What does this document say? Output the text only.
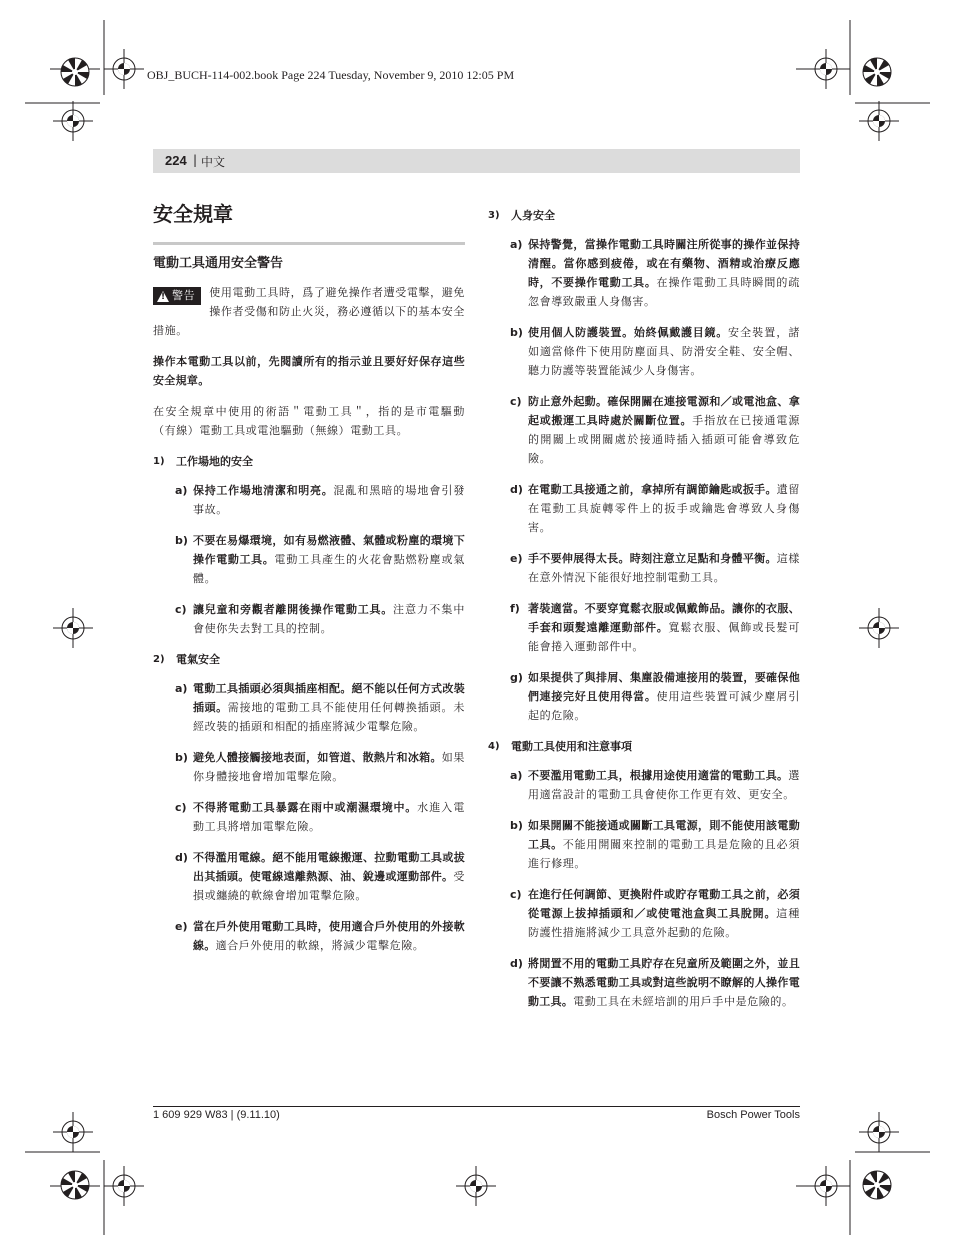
OBJ_BUCH-114-002.book Page 224 Tuesday, November 9, 2010 12:05 PM
224 | 中文
安全規章
電動工具通用安全警告

!
警告 使用電動工具時，爲了避免操作者遭受電擊，避免操作者受傷和防止火災，務必遵循以下的基本安全措施。

操作本電動工具以前，先閱讀所有的指示並且要好好保存這些安全規章。

在安全規章中使用的術語＂電動工具＂，指的是市電驅動（有線）電動工具或電池驅動（無線）電動工具。

1)	工作場地的安全
a) 保持工作場地清潔和明亮。混亂和黑暗的場地會引發事故。
b) 不要在易爆環境，如有易燃液體、氣體或粉塵的環境下操作電動工具。電動工具產生的火花會點燃粉塵或氣體。
c) 讓兒童和旁觀者離開後操作電動工具。注意力不集中會使你失去對工具的控制。
2)	電氣安全
a) 電動工具插頭必須與插座相配。絕不能以任何方式改裝插頭。需接地的電動工具不能使用任何轉換插頭。未經改裝的插頭和相配的插座將減少電擊危險。
b) 避免人體接觸接地表面，如管道、散熱片和冰箱。如果你身體接地會增加電擊危險。
c) 不得將電動工具暴露在雨中或潮濕環境中。水進入電動工具將增加電擊危險。
d) 不得濫用電線。絕不能用電線搬運、拉動電動工具或拔出其插頭。使電線遠離熱源、油、銳邊或運動部件。受損或纏繞的軟線會增加電擊危險。
e) 當在戶外使用電動工具時，使用適合戶外使用的外接軟線。適合戶外使用的軟線，將減少電擊危險。
3)	人身安全
a) 保持警覺，當操作電動工具時關注所從事的操作並保持清醒。當你感到疲倦，或在有藥物、酒精或治療反應時，不要操作電動工具。在操作電動工具時瞬間的疏忽會導致嚴重人身傷害。
b) 使用個人防護裝置。始終佩戴護目鏡。安全裝置，諸如適當條件下使用防塵面具、防滑安全鞋、安全帽、聽力防護等裝置能減少人身傷害。
c) 防止意外起動。確保開關在連接電源和／或電池盒、拿起或搬運工具時處於關斷位置。手指放在已接通電源的開關上或開關處於接通時插入插頭可能會導致危險。
d) 在電動工具接通之前，拿掉所有調節鑰匙或扳手。遺留在電動工具旋轉零件上的扳手或鑰匙會導致人身傷害。
e) 手不要伸展得太長。時刻注意立足點和身體平衡。這樣在意外情況下能很好地控制電動工具。
f) 著裝適當。不要穿寬鬆衣服或佩戴飾品。讓你的衣服、手套和頭髮遠離運動部件。寬鬆衣服、佩飾或長髮可能會捲入運動部件中。
g) 如果提供了與排屑、集塵設備連接用的裝置，要確保他們連接完好且使用得當。使用這些裝置可減少塵屑引起的危險。
4)	電動工具使用和注意事項
a) 不要濫用電動工具，根據用途使用適當的電動工具。選用適當設計的電動工具會使你工作更有效、更安全。
b) 如果開關不能接通或關斷工具電源，則不能使用該電動工具。不能用開關來控制的電動工具是危險的且必須進行修理。
c) 在進行任何調節、更換附件或貯存電動工具之前，必須從電源上拔掉插頭和／或使電池盒與工具脫開。這種防護性措施將減少工具意外起動的危險。
d) 將閒置不用的電動工具貯存在兒童所及範圍之外，並且不要讓不熟悉電動工具或對這些說明不瞭解的人操作電動工具。電動工具在未經培訓的用戶手中是危險的。
1 609 929 W83 | (9.11.10)	Bosch Power Tools
